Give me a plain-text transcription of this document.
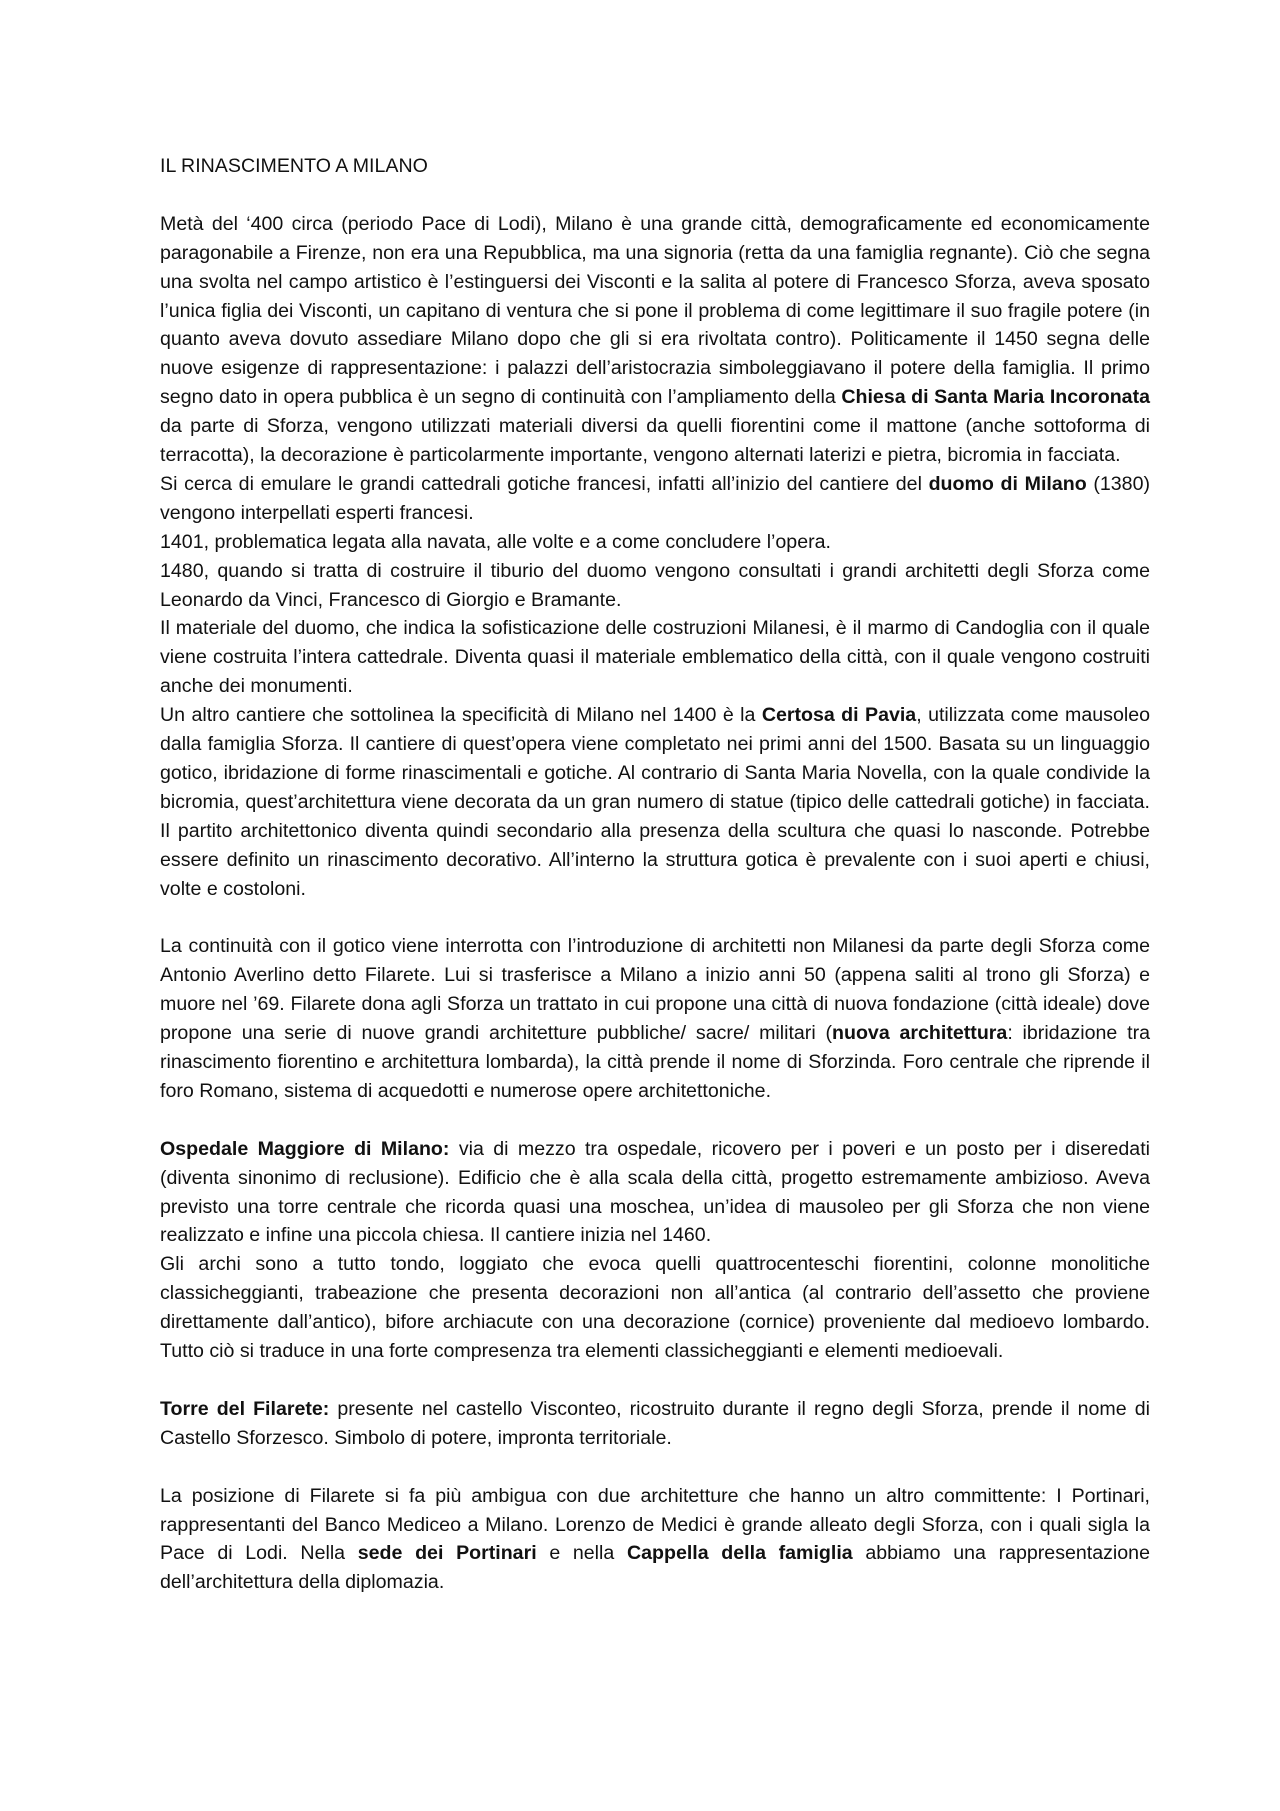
IL RINASCIMENTO A MILANO

Metà del ‘400 circa (periodo Pace di Lodi), Milano è una grande città, demograficamente ed economicamente paragonabile a Firenze, non era una Repubblica, ma una signoria (retta da una famiglia regnante). Ciò che segna una svolta nel campo artistico è l’estinguersi dei Visconti e la salita al potere di Francesco Sforza, aveva sposato l’unica figlia dei Visconti, un capitano di ventura che si pone il problema di come legittimare il suo fragile potere (in quanto aveva dovuto assediare Milano dopo che gli si era rivoltata contro). Politicamente il 1450 segna delle nuove esigenze di rappresentazione: i palazzi dell’aristocrazia simboleggiavano il potere della famiglia. Il primo segno dato in opera pubblica è un segno di continuità con l’ampliamento della Chiesa di Santa Maria Incoronata da parte di Sforza, vengono utilizzati materiali diversi da quelli fiorentini come il mattone (anche sottoforma di terracotta), la decorazione è particolarmente importante, vengono alternati laterizi e pietra, bicromia in facciata.

Si cerca di emulare le grandi cattedrali gotiche francesi, infatti all’inizio del cantiere del duomo di Milano (1380) vengono interpellati esperti francesi.

1401, problematica legata alla navata, alle volte e a come concludere l’opera.

1480, quando si tratta di costruire il tiburio del duomo vengono consultati i grandi architetti degli Sforza come Leonardo da Vinci, Francesco di Giorgio e Bramante.

Il materiale del duomo, che indica la sofisticazione delle costruzioni Milanesi, è il marmo di Candoglia con il quale viene costruita l’intera cattedrale. Diventa quasi il materiale emblematico della città, con il quale vengono costruiti anche dei monumenti.

Un altro cantiere che sottolinea la specificità di Milano nel 1400 è la Certosa di Pavia, utilizzata come mausoleo dalla famiglia Sforza. Il cantiere di quest’opera viene completato nei primi anni del 1500. Basata su un linguaggio gotico, ibridazione di forme rinascimentali e gotiche. Al contrario di Santa Maria Novella, con la quale condivide la bicromia, quest’architettura viene decorata da un gran numero di statue (tipico delle cattedrali gotiche) in facciata. Il partito architettonico diventa quindi secondario alla presenza della scultura che quasi lo nasconde. Potrebbe essere definito un rinascimento decorativo. All’interno la struttura gotica è prevalente con i suoi aperti e chiusi, volte e costoloni.

La continuità con il gotico viene interrotta con l’introduzione di architetti non Milanesi da parte degli Sforza come Antonio Averlino detto Filarete. Lui si trasferisce a Milano a inizio anni 50 (appena saliti al trono gli Sforza) e muore nel ’69. Filarete dona agli Sforza un trattato in cui propone una città di nuova fondazione (città ideale) dove propone una serie di nuove grandi architetture pubbliche/ sacre/ militari (nuova architettura: ibridazione tra rinascimento fiorentino e architettura lombarda), la città prende il nome di Sforzinda. Foro centrale che riprende il foro Romano, sistema di acquedotti e numerose opere architettoniche.

Ospedale Maggiore di Milano: via di mezzo tra ospedale, ricovero per i poveri e un posto per i diseredati (diventa sinonimo di reclusione). Edificio che è alla scala della città, progetto estremamente ambizioso. Aveva previsto una torre centrale che ricorda quasi una moschea, un’idea di mausoleo per gli Sforza che non viene realizzato e infine una piccola chiesa. Il cantiere inizia nel 1460.

Gli archi sono a tutto tondo, loggiato che evoca quelli quattrocenteschi fiorentini, colonne monolitiche classicheggianti, trabeazione che presenta decorazioni non all’antica (al contrario dell’assetto che proviene direttamente dall’antico), bifore archiacute con una decorazione (cornice) proveniente dal medioevo lombardo. Tutto ciò si traduce in una forte compresenza tra elementi classicheggianti e elementi medioevali.

Torre del Filarete: presente nel castello Visconteo, ricostruito durante il regno degli Sforza, prende il nome di Castello Sforzesco. Simbolo di potere, impronta territoriale.

La posizione di Filarete si fa più ambigua con due architetture che hanno un altro committente: I Portinari, rappresentanti del Banco Mediceo a Milano. Lorenzo de Medici è grande alleato degli Sforza, con i quali sigla la Pace di Lodi. Nella sede dei Portinari e nella Cappella della famiglia abbiamo una rappresentazione dell’architettura della diplomazia.
